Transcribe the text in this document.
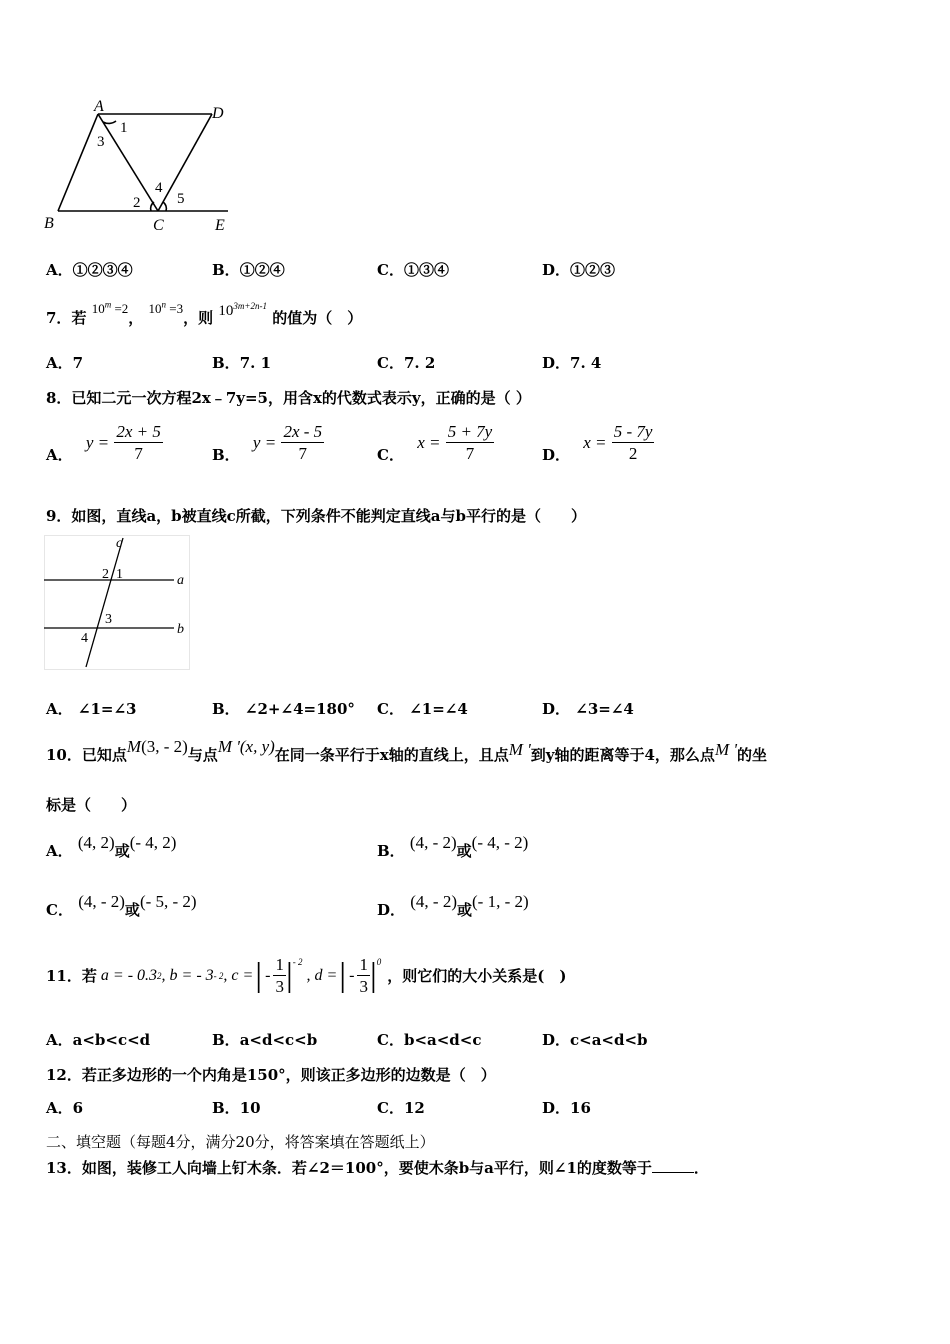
A	D
1
3
4
2 5
B	C	E
A．①②③④	B．①②④	C．①③④	D．①②③
7．若 $10^m =2$， $10^n =3$，则 $10^{3m+2n-1}$ 的值为（　）
A．7	B．7. 1	C．7. 2	D．7. 4
8．已知二元一次方程2x﹣7y=5，用含x的代数式表示y，正确的是（ ）
A． $y = \frac{2x + 5}{7}$	B． $y = \frac{2x - 5}{7}$	C． $x = \frac{5 + 7y}{7}$	D． $x = \frac{5 - 7y}{2}$
9．如图，直线a，b被直线c所截，下列条件不能判定直线a与b平行的是（　　）
c
a
b
2 1
3
4
A． ∠1=∠3	B． ∠2+∠4=180° C． ∠1=∠4	D． ∠3=∠4
10．已知点M(3, - 2)与点M '(x, y)在同一条平行于x轴的直线上，且点M '到y轴的距离等于4，那么点M '的坐
标是（　　）
A． (4, 2)或(- 4, 2)	B． (4, - 2)或(- 4, - 2)
C． (4, - 2)或(- 5, - 2)	D． (4, - 2)或(- 1, - 2)
11． 若 a = - 0.3 2 , b = - 3 - 2 , c = | - $\frac{1}{3}$ | - 2
, d = | - $\frac{1}{3}$ | 0
，则它们的大小关系是(　)
A．a<b<c<d	B．a<d<c<b	C．b<a<d<c	D．c<a<d<b
12．若正多边形的一个内角是150°，则该正多边形的边数是（　）
A．6	B．10	C．12	D．16
二、填空题（每题4分，满分20分，将答案填在答题纸上）
13．如图，装修工人向墙上钉木条．若∠2＝100°，要使木条b与a平行，则∠1的度数等于	．
